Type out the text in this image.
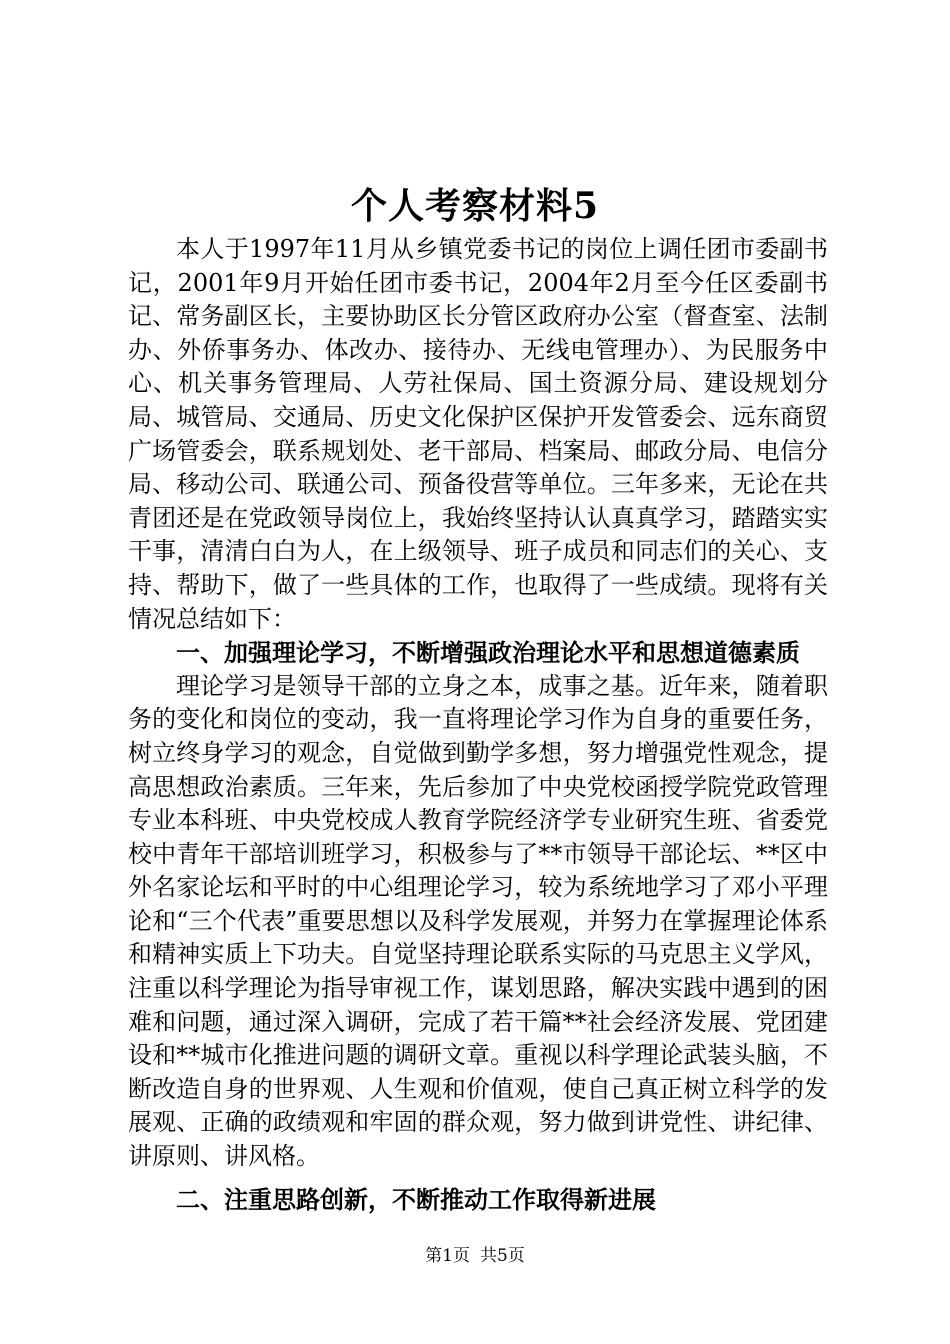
个人考察材料5

本人于1997年11月从乡镇党委书记的岗位上调任团市委副书记，2001年9月开始任团市委书记，2004年2月至今任区委副书记、常务副区长，主要协助区长分管区政府办公室（督查室、法制办、外侨事务办、体改办、接待办、无线电管理办）、为民服务中心、机关事务管理局、人劳社保局、国土资源分局、建设规划分局、城管局、交通局、历史文化保护区保护开发管委会、远东商贸广场管委会，联系规划处、老干部局、档案局、邮政分局、电信分局、移动公司、联通公司、预备役营等单位。三年多来，无论在共青团还是在党政领导岗位上，我始终坚持认认真真学习，踏踏实实干事，清清白白为人，在上级领导、班子成员和同志们的关心、支持、帮助下，做了一些具体的工作，也取得了一些成绩。现将有关情况总结如下：

一、加强理论学习，不断增强政治理论水平和思想道德素质

理论学习是领导干部的立身之本，成事之基。近年来，随着职务的变化和岗位的变动，我一直将理论学习作为自身的重要任务，树立终身学习的观念，自觉做到勤学多想，努力增强党性观念，提高思想政治素质。三年来，先后参加了中央党校函授学院党政管理专业本科班、中央党校成人教育学院经济学专业研究生班、省委党校中青年干部培训班学习，积极参与了**市领导干部论坛、**区中外名家论坛和平时的中心组理论学习，较为系统地学习了邓小平理论和“三个代表”重要思想以及科学发展观，并努力在掌握理论体系和精神实质上下功夫。自觉坚持理论联系实际的马克思主义学风，注重以科学理论为指导审视工作，谋划思路，解决实践中遇到的困难和问题，通过深入调研，完成了若干篇**社会经济发展、党团建设和**城市化推进问题的调研文章。重视以科学理论武装头脑，不断改造自身的世界观、人生观和价值观，使自己真正树立科学的发展观、正确的政绩观和牢固的群众观，努力做到讲党性、讲纪律、讲原则、讲风格。

二、注重思路创新，不断推动工作取得新进展

第1页 共5页
